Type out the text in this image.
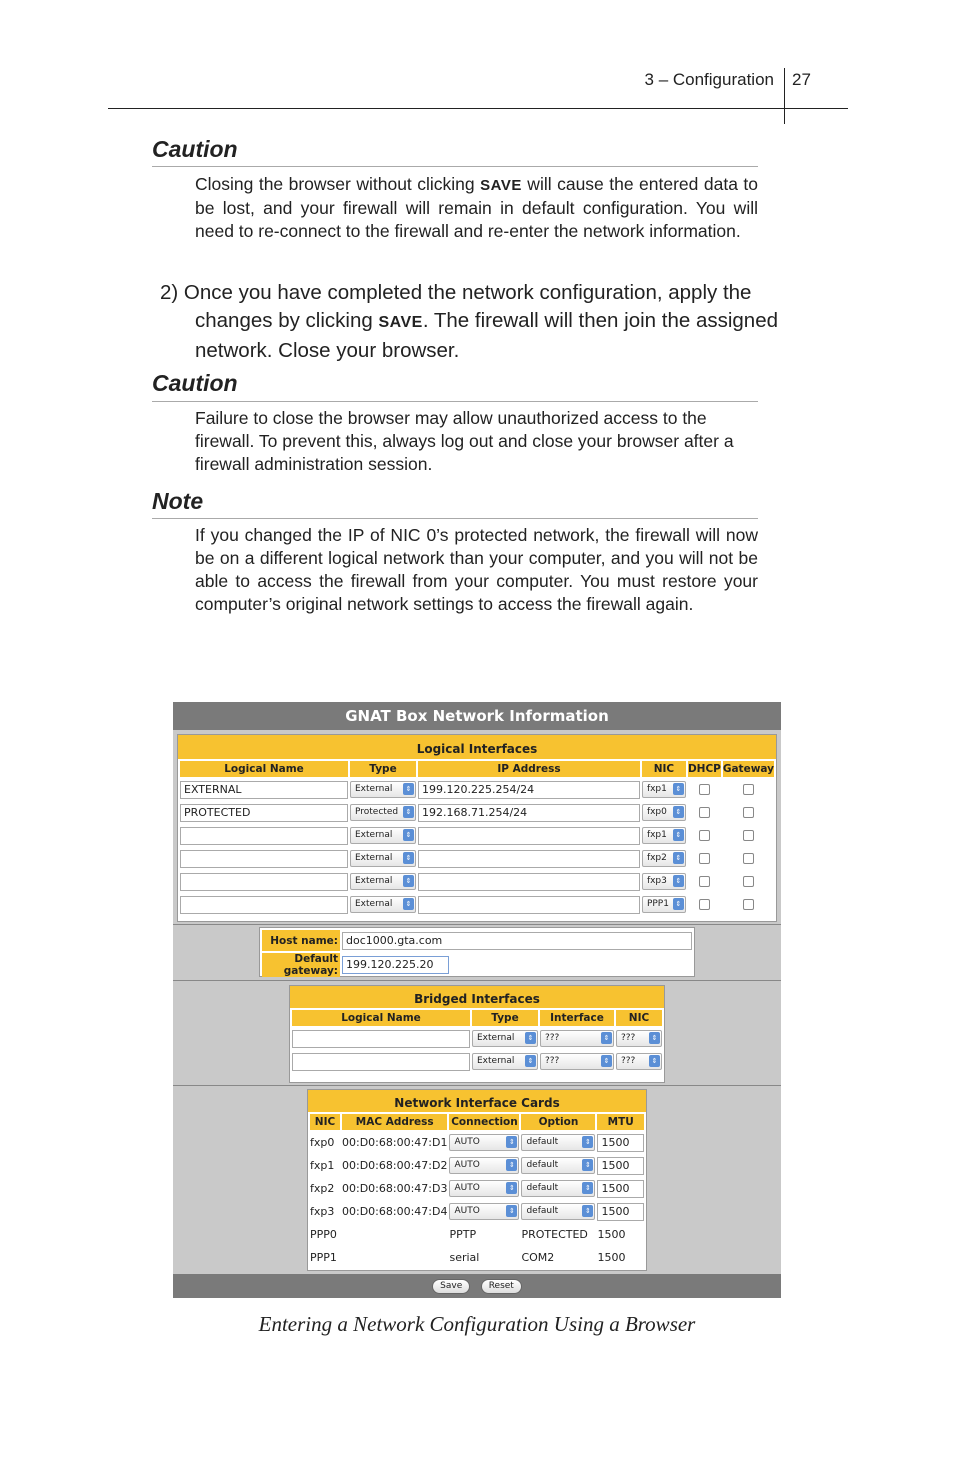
3 – Configuration 27
Caution
Closing the browser without clicking SAVE will cause the entered data to be lost, and your firewall will remain in default configuration. You will need to re-connect to the firewall and re-enter the network information.
2) Once you have completed the network configuration, apply the
changes by clicking SAVE. The firewall will then join the assigned network. Close your browser.
Caution
Failure to close the browser may allow unauthorized access to the firewall. To prevent this, always log out and close your browser after a firewall administration session.
Note
If you changed the IP of NIC 0’s protected network, the firewall will now be on a different logical network than your computer, and you will not be able to access the firewall from your computer. You must restore your computer’s original network settings to access the firewall again.
GNAT Box Network Information
Logical Interfaces
Logical Name	Type	IP Address	NIC	DHCP	Gateway

EXTERNAL	External ⇕	199.120.225.254/24	fxp1 ⇕		

PROTECTED	Protected ⇕	192.168.71.254/24	fxp0 ⇕		

	External ⇕		fxp1 ⇕		

	External ⇕		fxp2 ⇕		

	External ⇕		fxp3 ⇕		

	External ⇕		PPP1 ⇕		

Host name:	doc1000.gta.com

Default gateway:	199.120.225.20
Bridged Interfaces
Logical Name	Type	Interface	NIC

	External ⇕	??? ⇕	??? ⇕

	External ⇕	??? ⇕	??? ⇕
Network Interface Cards
NIC	MAC Address	Connection	Option	MTU
fxp0	00:D0:68:00:47:D1	AUTO ⇕	default ⇕	1500

fxp1	00:D0:68:00:47:D2	AUTO ⇕	default ⇕	1500

fxp2	00:D0:68:00:47:D3	AUTO ⇕	default ⇕	1500

fxp3	00:D0:68:00:47:D4	AUTO ⇕	default ⇕	1500

PPP0		PPTP	PROTECTED	1500
PPP1		serial	COM2	1500
Save	Reset
Entering a Network Configuration Using a Browser
